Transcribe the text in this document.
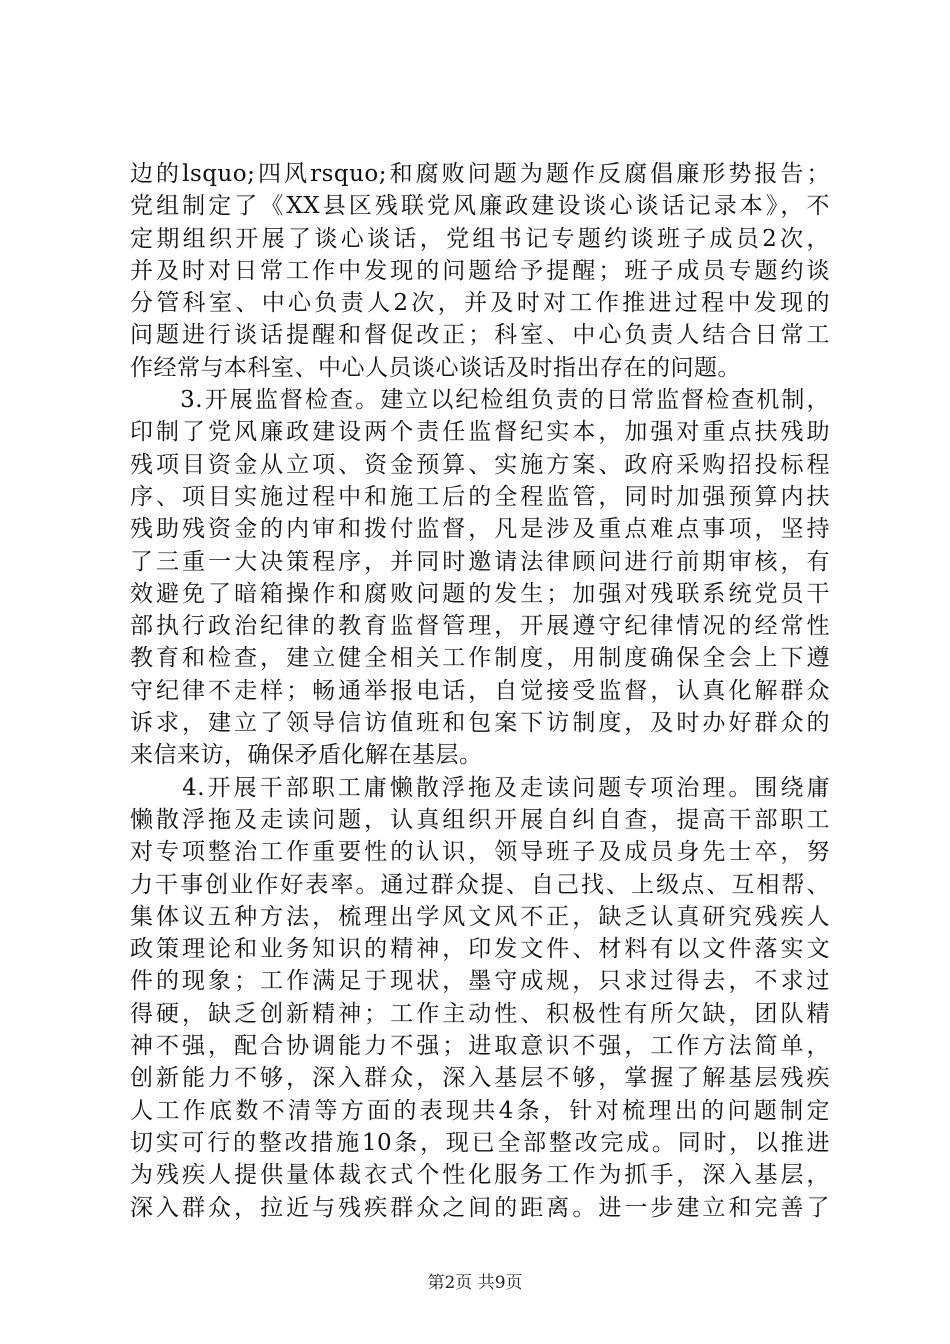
边的lsquo;四风rsquo;和腐败问题为题作反腐倡廉形势报告；
党组制定了《XX县区残联党风廉政建设谈心谈话记录本》，不
定期组织开展了谈心谈话，党组书记专题约谈班子成员2次，
并及时对日常工作中发现的问题给予提醒；班子成员专题约谈
分管科室、中心负责人2次，并及时对工作推进过程中发现的
问题进行谈话提醒和督促改正；科室、中心负责人结合日常工
作经常与本科室、中心人员谈心谈话及时指出存在的问题。
　　3.开展监督检查。建立以纪检组负责的日常监督检查机制，
印制了党风廉政建设两个责任监督纪实本，加强对重点扶残助
残项目资金从立项、资金预算、实施方案、政府采购招投标程
序、项目实施过程中和施工后的全程监管，同时加强预算内扶
残助残资金的内审和拨付监督，凡是涉及重点难点事项，坚持
了三重一大决策程序，并同时邀请法律顾问进行前期审核，有
效避免了暗箱操作和腐败问题的发生；加强对残联系统党员干
部执行政治纪律的教育监督管理，开展遵守纪律情况的经常性
教育和检查，建立健全相关工作制度，用制度确保全会上下遵
守纪律不走样；畅通举报电话，自觉接受监督，认真化解群众
诉求，建立了领导信访值班和包案下访制度，及时办好群众的
来信来访，确保矛盾化解在基层。
　　4.开展干部职工庸懒散浮拖及走读问题专项治理。围绕庸
懒散浮拖及走读问题，认真组织开展自纠自查，提高干部职工
对专项整治工作重要性的认识，领导班子及成员身先士卒，努
力干事创业作好表率。通过群众提、自己找、上级点、互相帮、
集体议五种方法，梳理出学风文风不正，缺乏认真研究残疾人
政策理论和业务知识的精神，印发文件、材料有以文件落实文
件的现象；工作满足于现状，墨守成规，只求过得去，不求过
得硬，缺乏创新精神；工作主动性、积极性有所欠缺，团队精
神不强，配合协调能力不强；进取意识不强，工作方法简单，
创新能力不够，深入群众，深入基层不够，掌握了解基层残疾
人工作底数不清等方面的表现共4条，针对梳理出的问题制定
切实可行的整改措施10条，现已全部整改完成。同时，以推进
为残疾人提供量体裁衣式个性化服务工作为抓手，深入基层，
深入群众，拉近与残疾群众之间的距离。进一步建立和完善了
第2页 共9页
